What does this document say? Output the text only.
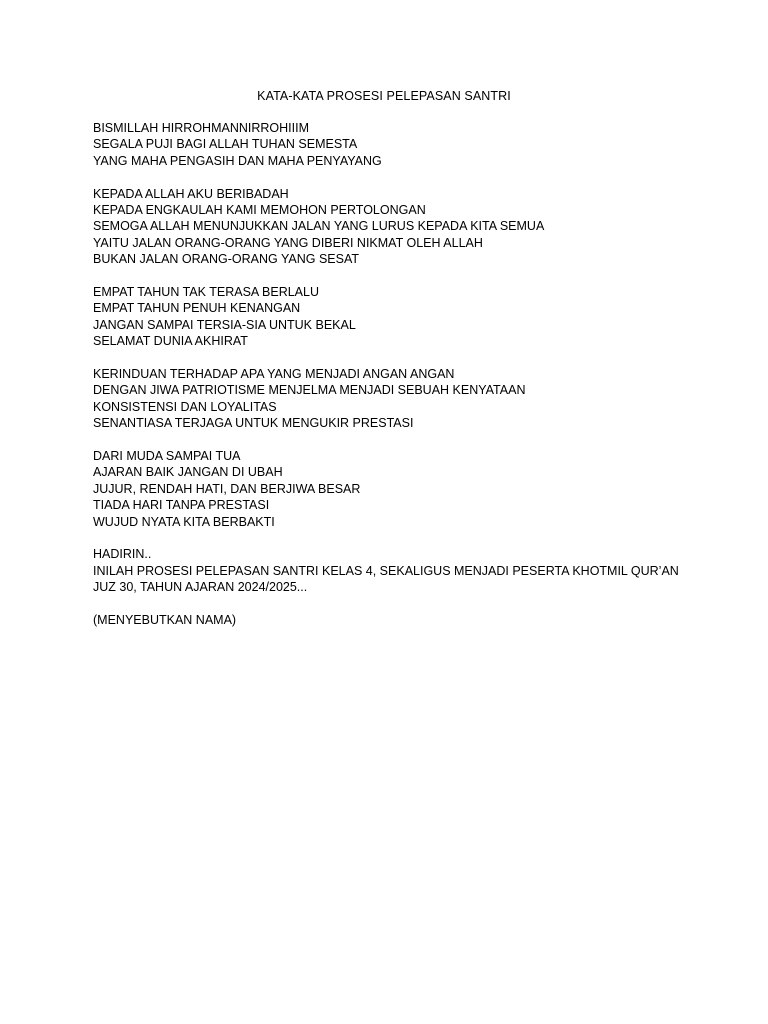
KATA-KATA PROSESI PELEPASAN SANTRI
BISMILLAH HIRROHMANNIRROHIIIM
SEGALA PUJI BAGI ALLAH TUHAN SEMESTA
YANG MAHA PENGASIH DAN MAHA PENYAYANG
KEPADA ALLAH AKU BERIBADAH
KEPADA ENGKAULAH KAMI MEMOHON PERTOLONGAN
SEMOGA ALLAH MENUNJUKKAN JALAN YANG LURUS KEPADA KITA SEMUA
YAITU JALAN ORANG-ORANG YANG DIBERI NIKMAT OLEH ALLAH
BUKAN JALAN ORANG-ORANG YANG SESAT
EMPAT TAHUN TAK TERASA BERLALU
EMPAT TAHUN PENUH KENANGAN
JANGAN SAMPAI TERSIA-SIA UNTUK BEKAL
SELAMAT DUNIA AKHIRAT
KERINDUAN TERHADAP APA YANG MENJADI ANGAN ANGAN
DENGAN JIWA PATRIOTISME MENJELMA MENJADI SEBUAH KENYATAAN
KONSISTENSI DAN LOYALITAS
SENANTIASA TERJAGA UNTUK MENGUKIR PRESTASI
DARI MUDA SAMPAI TUA
AJARAN BAIK JANGAN DI UBAH
JUJUR, RENDAH HATI, DAN BERJIWA BESAR
TIADA HARI TANPA PRESTASI
WUJUD NYATA KITA BERBAKTI
HADIRIN..
INILAH PROSESI PELEPASAN SANTRI KELAS 4, SEKALIGUS MENJADI PESERTA KHOTMIL QUR’AN JUZ 30, TAHUN AJARAN 2024/2025...
(MENYEBUTKAN NAMA)
